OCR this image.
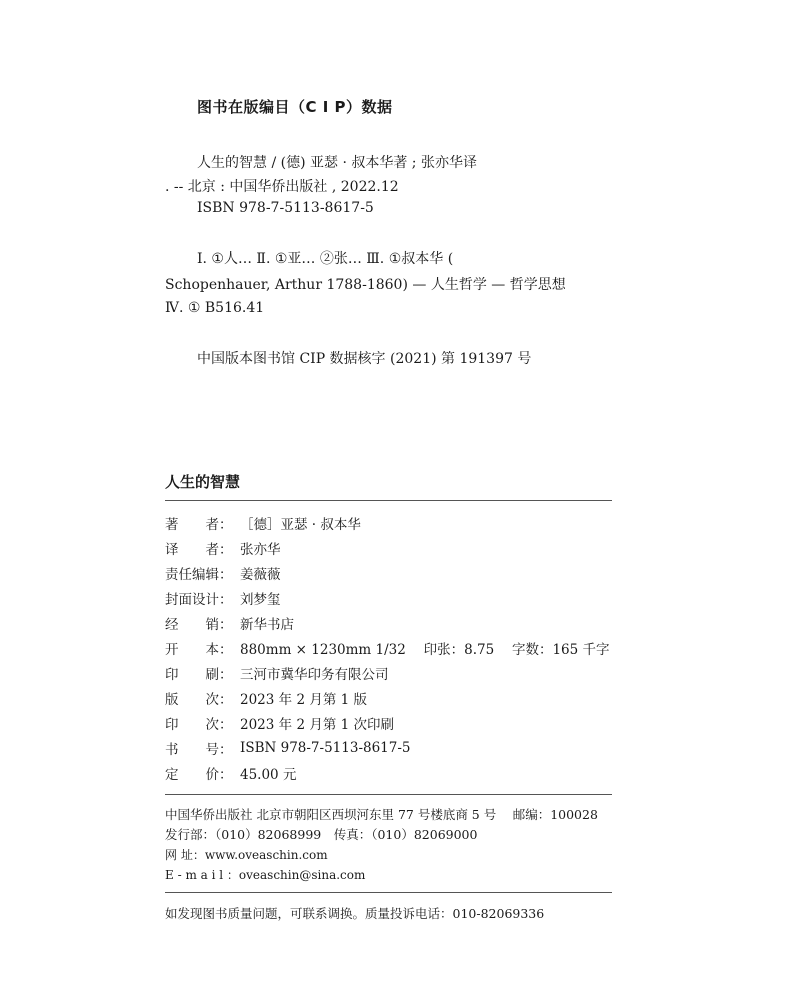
图书在版编目（C I P）数据
人生的智慧 / (德) 亚瑟 · 叔本华著 ; 张亦华译
. -- 北京 : 中国华侨出版社 , 2022.12
ISBN 978-7-5113-8617-5
Ⅰ. ①人… Ⅱ. ①亚… ②张… Ⅲ. ①叔本华 (
Schopenhauer, Arthur 1788-1860) — 人生哲学 — 哲学思想
Ⅳ. ① B516.41
中国版本图书馆 CIP 数据核字 (2021) 第 191397 号
人生的智慧
著　　者： ［德］亚瑟 · 叔本华
译　　者： 张亦华
责任编辑： 姜薇薇
封面设计： 刘梦玺
经　　销： 新华书店
开　　本： 880mm × 1230mm 1/32　 印张：8.75　 字数：165 千字
印　　刷： 三河市冀华印务有限公司
版　　次： 2023 年 2 月第 1 版
印　　次： 2023 年 2 月第 1 次印刷
书　　号： ISBN 978-7-5113-8617-5
定　　价： 45.00 元
中国华侨出版社 北京市朝阳区西坝河东里 77 号楼底商 5 号　 邮编：100028
发行部：（010）82068999　传真：（010）82069000
网 址：www.oveaschin.com
E - m a i l ：oveaschin@sina.com
如发现图书质量问题，可联系调换。质量投诉电话：010-82069336
